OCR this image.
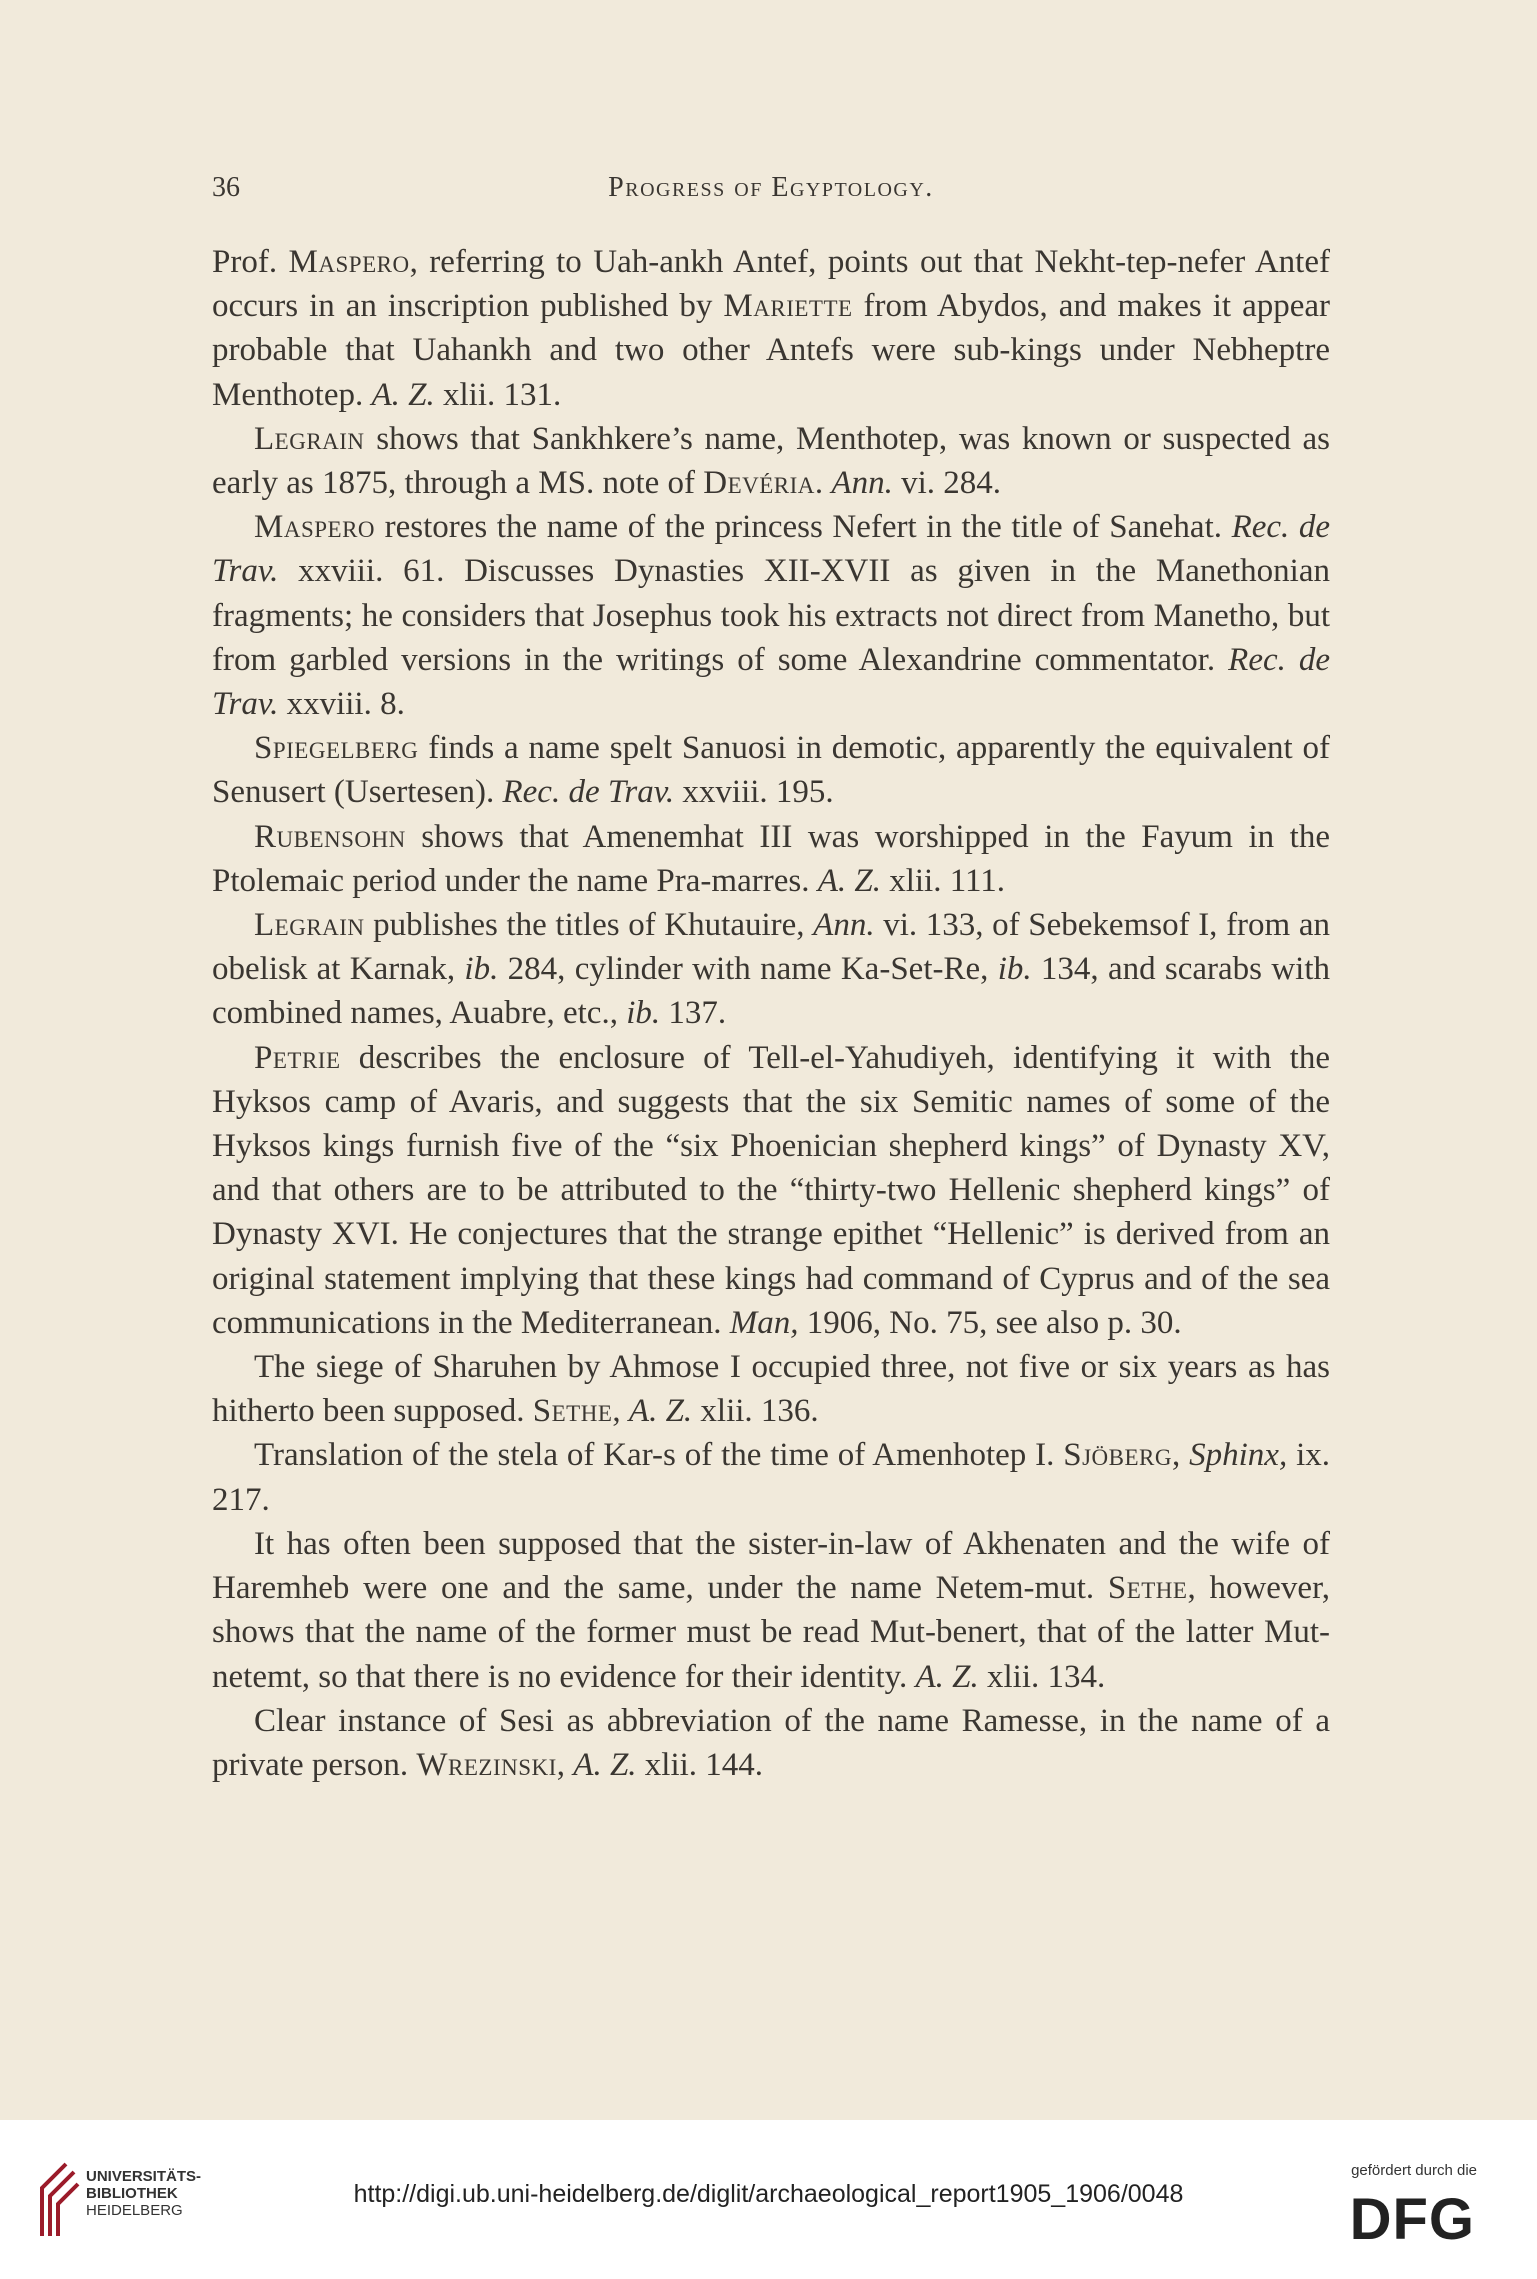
36	Progress of Egyptology.

Prof. Maspero, referring to Uah-ankh Antef, points out that Nekht-tep-nefer Antef occurs in an inscription published by Mariette from Abydos, and makes it appear probable that Uahankh and two other Antefs were sub-kings under Nebheptre Menthotep. A. Z. xlii. 131.

Legrain shows that Sankhkere’s name, Menthotep, was known or suspected as early as 1875, through a MS. note of Devéria. Ann. vi. 284.

Maspero restores the name of the princess Nefert in the title of Sanehat. Rec. de Trav. xxviii. 61. Discusses Dynasties XII-XVII as given in the Manethonian fragments; he considers that Josephus took his extracts not direct from Manetho, but from garbled versions in the writings of some Alexandrine commentator. Rec. de Trav. xxviii. 8.

Spiegelberg finds a name spelt Sanuosi in demotic, apparently the equivalent of Senusert (Usertesen). Rec. de Trav. xxviii. 195.

Rubensohn shows that Amenemhat III was worshipped in the Fayum in the Ptolemaic period under the name Pra-marres. A. Z. xlii. 111.

Legrain publishes the titles of Khutauire, Ann. vi. 133, of Sebekemsof I, from an obelisk at Karnak, ib. 284, cylinder with name Ka-Set-Re, ib. 134, and scarabs with combined names, Auabre, etc., ib. 137.

Petrie describes the enclosure of Tell-el-Yahudiyeh, identifying it with the Hyksos camp of Avaris, and suggests that the six Semitic names of some of the Hyksos kings furnish five of the “six Phoenician shepherd kings” of Dynasty XV, and that others are to be attributed to the “thirty-two Hellenic shepherd kings” of Dynasty XVI. He conjectures that the strange epithet “Hellenic” is derived from an original statement implying that these kings had command of Cyprus and of the sea communications in the Mediterranean. Man, 1906, No. 75, see also p. 30.

The siege of Sharuhen by Ahmose I occupied three, not five or six years as has hitherto been supposed. Sethe, A. Z. xlii. 136.

Translation of the stela of Kar-s of the time of Amenhotep I. Sjöberg, Sphinx, ix. 217.

It has often been supposed that the sister-in-law of Akhenaten and the wife of Haremheb were one and the same, under the name Netem-mut. Sethe, however, shows that the name of the former must be read Mut-benert, that of the latter Mut-netemt, so that there is no evidence for their identity. A. Z. xlii. 134.

Clear instance of Sesi as abbreviation of the name Ramesse, in the name of a private person. Wrezinski, A. Z. xlii. 144.

UNIVERSITÄTS-
BIBLIOTHEK
HEIDELBERG
http://digi.ub.uni-heidelberg.de/diglit/archaeological_report1905_1906/0048
gefördert durch die
DFG
